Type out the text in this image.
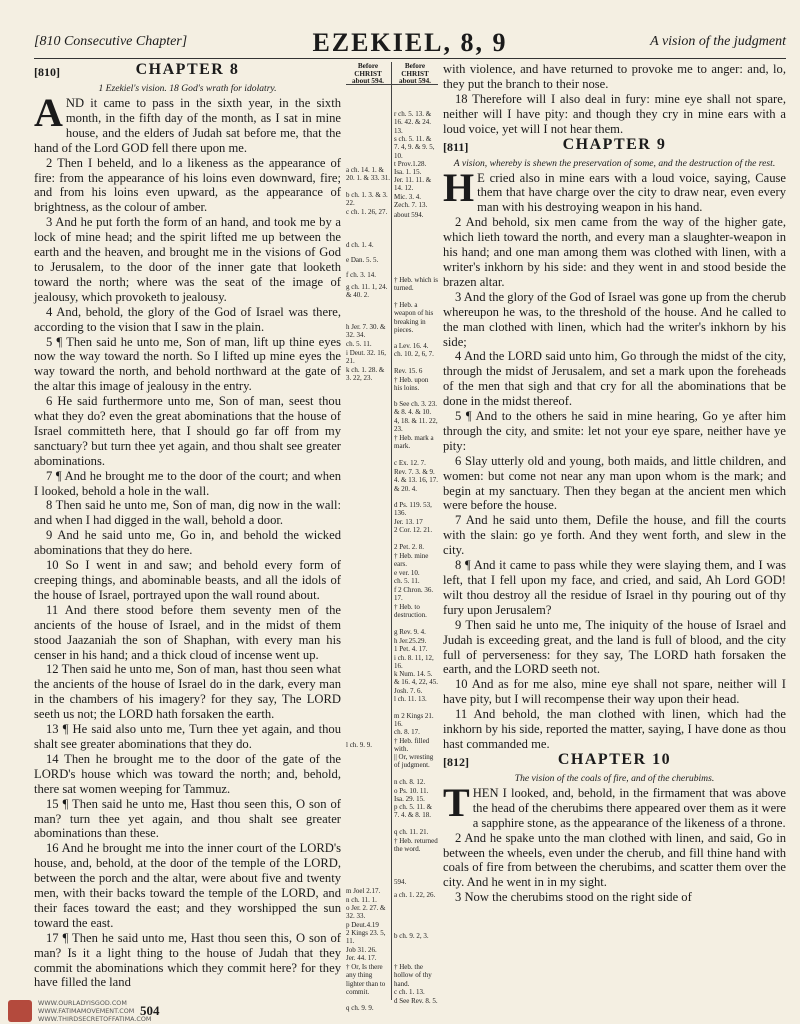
[810 Consecutive Chapter]	EZEKIEL, 8, 9	A vision of the judgment
[810]	CHAPTER 8
1 Ezekiel's vision. 18 God's wrath for idolatry.

AND it came to pass in the sixth year, in the sixth month, in the fifth day of the month, as I sat in mine house, and the elders of Judah sat before me, that the hand of the Lord GOD fell there upon me.

2 Then I beheld, and lo a likeness as the appearance of fire: from the appearance of his loins even downward, fire; and from his loins even upward, as the appearance of brightness, as the colour of amber.

3 And he put forth the form of an hand, and took me by a lock of mine head; and the spirit lifted me up between the earth and the heaven, and brought me in the visions of God to Jerusalem, to the door of the inner gate that looketh toward the north; where was the seat of the image of jealousy, which provoketh to jealousy.

4 And, behold, the glory of the God of Israel was there, according to the vision that I saw in the plain.

5 ¶ Then said he unto me, Son of man, lift up thine eyes now the way toward the north. So I lifted up mine eyes the way toward the north, and behold northward at the gate of the altar this image of jealousy in the entry.

6 He said furthermore unto me, Son of man, seest thou what they do? even the great abominations that the house of Israel committeth here, that I should go far off from my sanctuary? but turn thee yet again, and thou shalt see greater abominations.

7 ¶ And he brought me to the door of the court; and when I looked, behold a hole in the wall.

8 Then said he unto me, Son of man, dig now in the wall: and when I had digged in the wall, behold a door.

9 And he said unto me, Go in, and behold the wicked abominations that they do here.

10 So I went in and saw; and behold every form of creeping things, and abominable beasts, and all the idols of the house of Israel, portrayed upon the wall round about.

11 And there stood before them seventy men of the ancients of the house of Israel, and in the midst of them stood Jaazaniah the son of Shaphan, with every man his censer in his hand; and a thick cloud of incense went up.

12 Then said he unto me, Son of man, hast thou seen what the ancients of the house of Israel do in the dark, every man in the chambers of his imagery? for they say, The LORD seeth us not; the LORD hath forsaken the earth.

13 ¶ He said also unto me, Turn thee yet again, and thou shalt see greater abominations that they do.

14 Then he brought me to the door of the gate of the LORD's house which was toward the north; and, behold, there sat women weeping for Tammuz.

15 ¶ Then said he unto me, Hast thou seen this, O son of man? turn thee yet again, and thou shalt see greater abominations than these.

16 And he brought me into the inner court of the LORD's house, and, behold, at the door of the temple of the LORD, between the porch and the altar, were about five and twenty men, with their backs toward the temple of the LORD, and their faces toward the east; and they worshipped the sun toward the east.

17 ¶ Then he said unto me, Hast thou seen this, O son of man? Is it a light thing to the house of Judah that they commit the abominations which they commit here? for they have filled the land

Before CHRIST about 594.
Before CHRIST about 594.
a ch. 14. 1. & 20. 1. & 33. 31.
b ch. 1. 3. & 3. 22.
c ch. 1. 26, 27.
d ch. 1. 4.
e Dan. 5. 5.
f ch. 3. 14.
g ch. 11. 1, 24. & 40. 2.
h Jer. 7. 30. & 32. 34.
ch. 5. 11.
i Deut. 32. 16, 21.
k ch. 1. 28. & 3. 22, 23.
l ch. 9. 9.
m Joel 2.17.
n ch. 11. 1.
o Jer. 2. 27. & 32. 33.
p Deut.4.19
2 Kings 23. 5, 11.
Job 31. 26.
Jer. 44. 17.
† Or, Is there any thing lighter than to commit.
q ch. 9. 9.
r ch. 5. 13. & 16. 42. & 24. 13.
s ch. 5. 11. & 7. 4, 9. & 9. 5, 10.
t Prov.1.28.
Isa. 1. 15.
Jer. 11. 11. & 14. 12.
Mic. 3. 4.
Zech. 7. 13.
about 594.
† Heb. which is turned.
† Heb. a weapon of his breaking in pieces.
a Lev. 16. 4.
ch. 10. 2, 6, 7.
Rev. 15. 6
† Heb. upon his loins.
b See ch. 3. 23. & 8. 4. & 10. 4, 18. & 11. 22, 23.
† Heb. mark a mark.
c Ex. 12. 7.
Rev. 7. 3. & 9. 4. & 13. 16, 17. & 20. 4.
d Ps. 119. 53, 136.
Jer. 13. 17
2 Cor. 12. 21.
2 Pet. 2. 8.
† Heb. mine ears.
e ver. 10.
ch. 5. 11.
f 2 Chron. 36. 17.
† Heb. to destruction.
g Rev. 9. 4.
h Jer.25.29.
1 Pet. 4. 17.
i ch. 8. 11, 12, 16.
k Num. 14. 5. & 16. 4, 22, 45.
Josh. 7. 6.
l ch. 11. 13.
m 2 Kings 21. 16.
ch. 8. 17.
† Heb. filled with.
|| Or, wresting of judgment.
n ch. 8. 12.
o Ps. 10. 11.
Isa. 29. 15.
p ch. 5. 11. & 7. 4. & 8. 18.
q ch. 11. 21.
† Heb. returned the word.
594.
a ch. 1. 22, 26.
b ch. 9. 2, 3.
† Heb. the hollow of thy hand.
c ch. 1. 13.
d See Rev. 8. 5.

with violence, and have returned to provoke me to anger: and, lo, they put the branch to their nose.

18 Therefore will I also deal in fury: mine eye shall not spare, neither will I have pity: and though they cry in mine ears with a loud voice, yet will I not hear them.

[811]	CHAPTER 9
A vision, whereby is shewn the preservation of some, and the destruction of the rest.

H E cried also in mine ears with a loud voice, saying, Cause them that have charge over the city to draw near, even every man with his destroying weapon in his hand.

2 And behold, six men came from the way of the higher gate, which lieth toward the north, and every man a slaughter-weapon in his hand; and one man among them was clothed with linen, with a writer's inkhorn by his side: and they went in and stood beside the brazen altar.

3 And the glory of the God of Israel was gone up from the cherub whereupon he was, to the threshold of the house. And he called to the man clothed with linen, which had the writer's inkhorn by his side;

4 And the LORD said unto him, Go through the midst of the city, through the midst of Jerusalem, and set a mark upon the foreheads of the men that sigh and that cry for all the abominations that be done in the midst thereof.

5 ¶ And to the others he said in mine hearing, Go ye after him through the city, and smite: let not your eye spare, neither have ye pity:

6 Slay utterly old and young, both maids, and little children, and women: but come not near any man upon whom is the mark; and begin at my sanctuary. Then they began at the ancient men which were before the house.

7 And he said unto them, Defile the house, and fill the courts with the slain: go ye forth. And they went forth, and slew in the city.

8 ¶ And it came to pass while they were slaying them, and I was left, that I fell upon my face, and cried, and said, Ah Lord GOD! wilt thou destroy all the residue of Israel in thy pouring out of thy fury upon Jerusalem?

9 Then said he unto me, The iniquity of the house of Israel and Judah is exceeding great, and the land is full of blood, and the city full of perverseness: for they say, The LORD hath forsaken the earth, and the LORD seeth not.

10 And as for me also, mine eye shall not spare, neither will I have pity, but I will recompense their way upon their head.

11 And behold, the man clothed with linen, which had the inkhorn by his side, reported the matter, saying, I have done as thou hast commanded me.

[812]	CHAPTER 10
The vision of the coals of fire, and of the cherubims.

THEN I looked, and, behold, in the firmament that was above the head of the cherubims there appeared over them as it were a sapphire stone, as the appearance of the likeness of a throne.

2 And he spake unto the man clothed with linen, and said, Go in between the wheels, even under the cherub, and fill thine hand with coals of fire from between the cherubims, and scatter them over the city. And he went in in my sight.

3 Now the cherubims stood on the right side of

504
WWW.OURLADYISGOD.COM
WWW.FATIMAMOVEMENT.COM
WWW.THIRDSECRETOFFATIMA.COM
